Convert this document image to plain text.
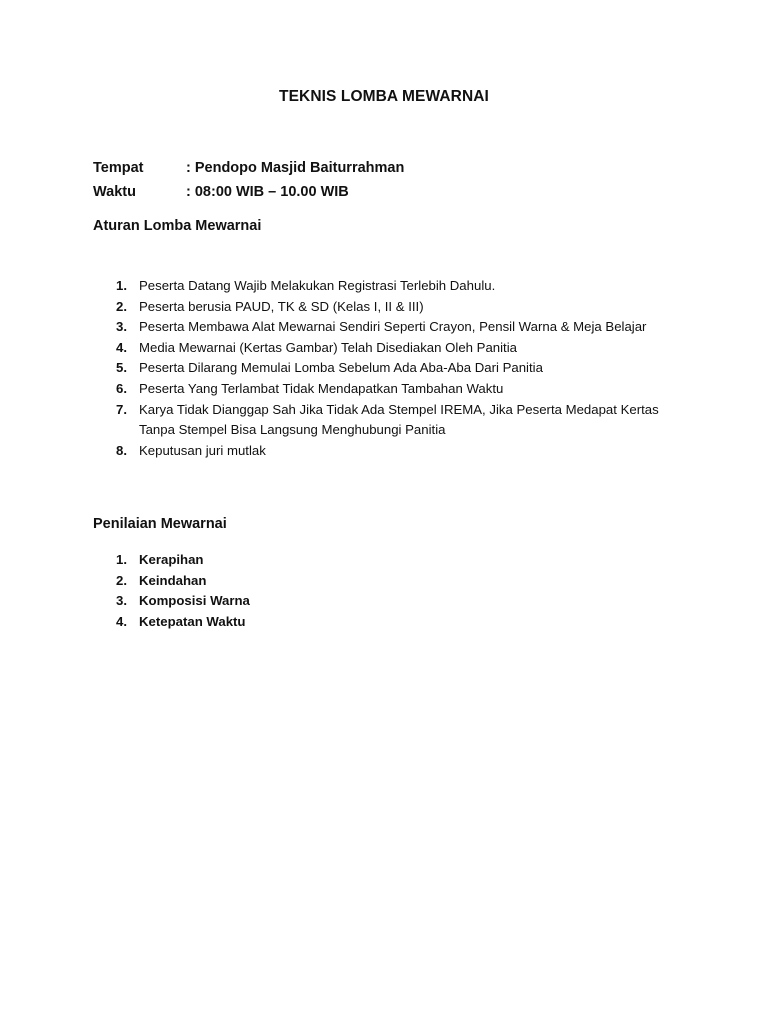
TEKNIS LOMBA MEWARNAI
Tempat	: Pendopo Masjid Baiturrahman
Waktu	: 08:00 WIB – 10.00 WIB
Aturan Lomba Mewarnai
1. Peserta Datang Wajib Melakukan Registrasi Terlebih Dahulu.
2. Peserta berusia PAUD, TK & SD (Kelas I, II & III)
3. Peserta Membawa Alat Mewarnai Sendiri Seperti Crayon, Pensil Warna & Meja Belajar
4. Media Mewarnai (Kertas Gambar) Telah Disediakan Oleh Panitia
5. Peserta Dilarang Memulai Lomba Sebelum Ada Aba-Aba Dari Panitia
6. Peserta Yang Terlambat Tidak Mendapatkan Tambahan Waktu
7. Karya Tidak Dianggap Sah Jika Tidak Ada Stempel IREMA, Jika Peserta Medapat Kertas Tanpa Stempel Bisa Langsung Menghubungi Panitia
8. Keputusan juri mutlak
Penilaian Mewarnai
1. Kerapihan
2. Keindahan
3. Komposisi Warna
4. Ketepatan Waktu
